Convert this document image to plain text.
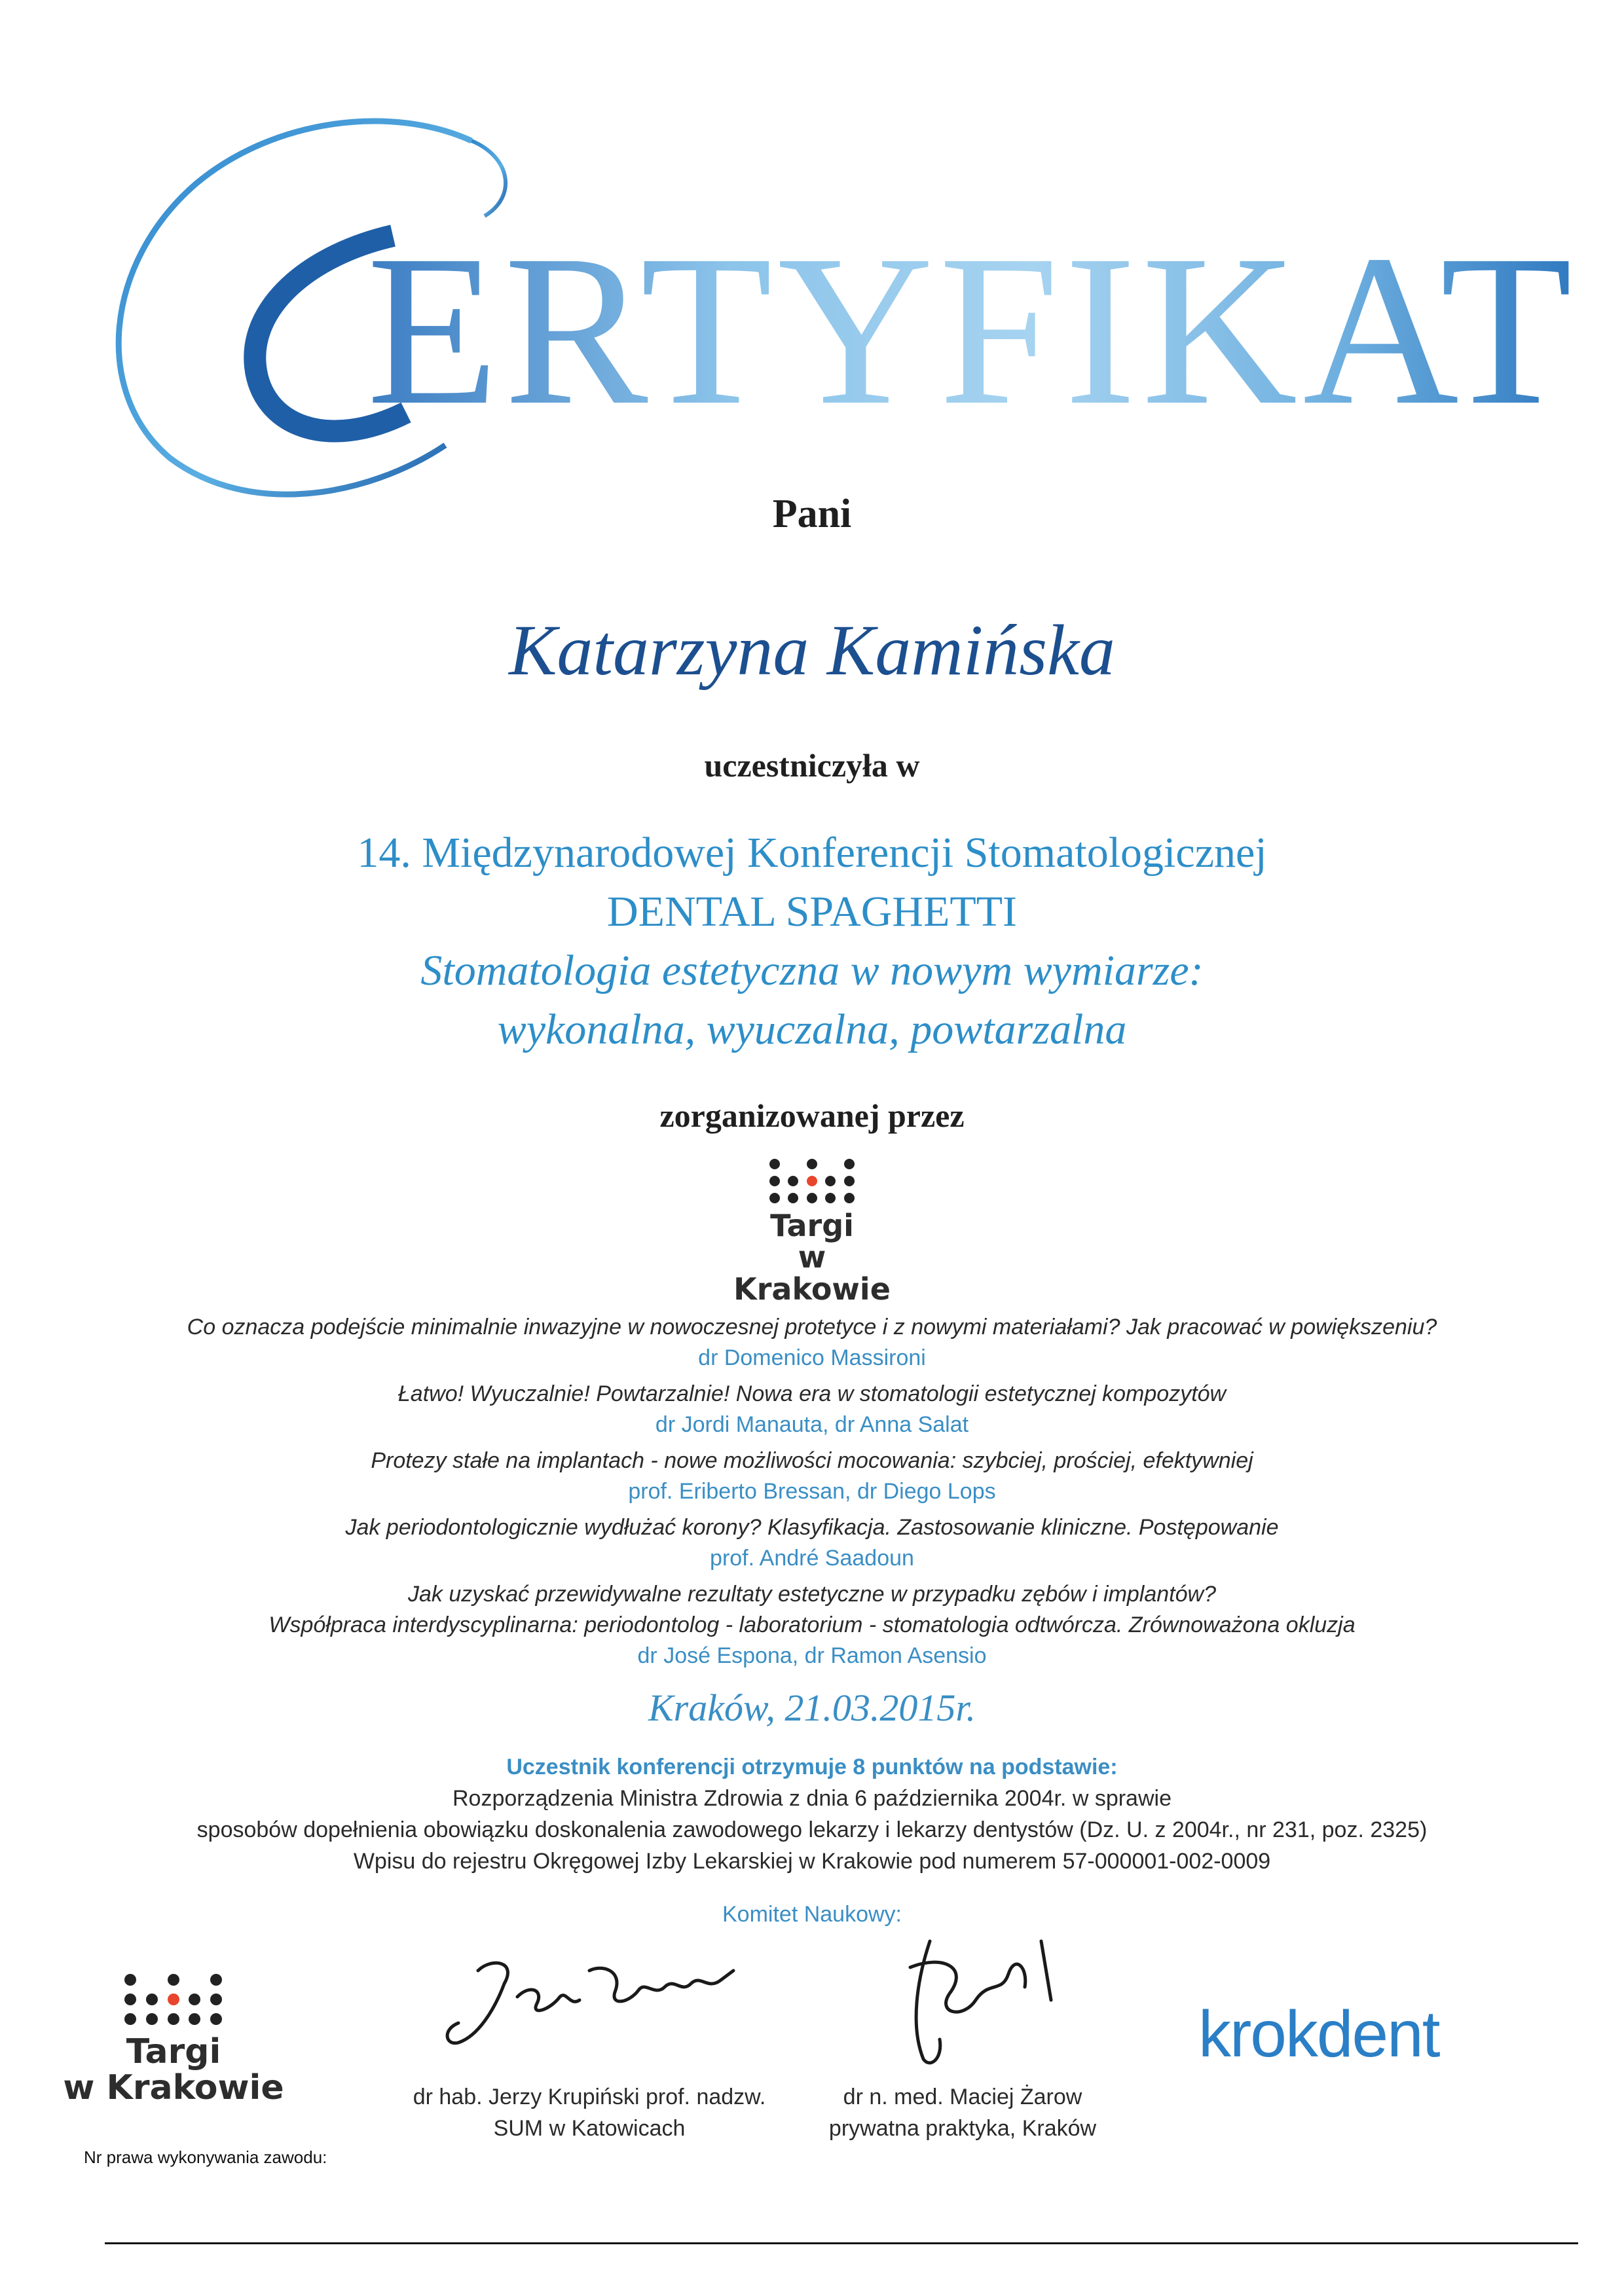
ERTYFIKAT
Pani
Katarzyna Kamińska
uczestniczyła w
14. Międzynarodowej Konferencji Stomatologicznej
DENTAL SPAGHETTI
Stomatologia estetyczna w nowym wymiarze:
wykonalna, wyuczalna, powtarzalna
zorganizowanej przez
Targi
w Krakowie
Co oznacza podejście minimalnie inwazyjne w nowoczesnej protetyce i z nowymi materiałami? Jak pracować w powiększeniu?
dr Domenico Massironi
Łatwo! Wyuczalnie! Powtarzalnie! Nowa era w stomatologii estetycznej kompozytów
dr Jordi Manauta, dr Anna Salat
Protezy stałe na implantach - nowe możliwości mocowania: szybciej, prościej, efektywniej
prof. Eriberto Bressan, dr Diego Lops
Jak periodontologicznie wydłużać korony? Klasyfikacja. Zastosowanie kliniczne. Postępowanie
prof. André Saadoun
Jak uzyskać przewidywalne rezultaty estetyczne w przypadku zębów i implantów?
Współpraca interdyscyplinarna: periodontolog - laboratorium - stomatologia odtwórcza. Zrównoważona okluzja
dr José Espona, dr Ramon Asensio
Kraków, 21.03.2015r.
Uczestnik konferencji otrzymuje 8 punktów na podstawie:
Rozporządzenia Ministra Zdrowia z dnia 6 października 2004r. w sprawie
sposobów dopełnienia obowiązku doskonalenia zawodowego lekarzy i lekarzy dentystów (Dz. U. z 2004r., nr 231, poz. 2325)
Wpisu do rejestru Okręgowej Izby Lekarskiej w Krakowie pod numerem 57-000001-002-0009
Komitet Naukowy:
Targi
w Krakowie
Nr prawa wykonywania zawodu:
dr hab. Jerzy Krupiński prof. nadzw.
SUM w Katowicach
dr n. med. Maciej Żarow
prywatna praktyka, Kraków
krokdent
